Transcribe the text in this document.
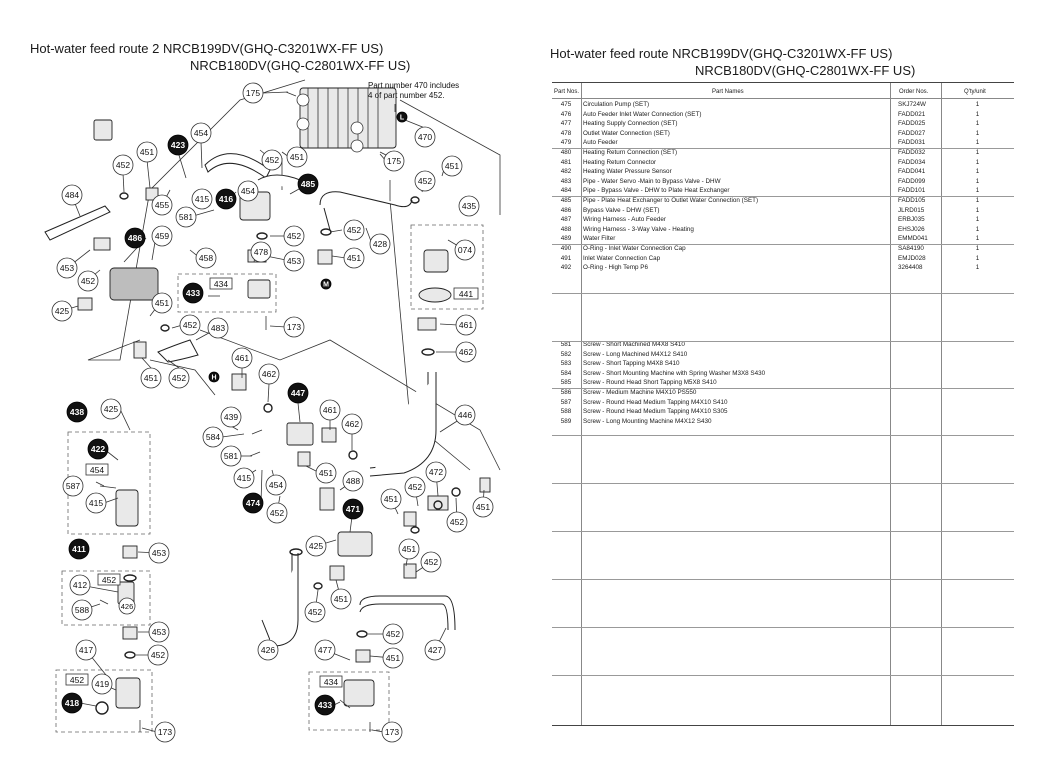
Hot-water feed route 2 NRCB199DV(GHQ-C3201WX-FF US)
NRCB180DV(GHQ-C2801WX-FF US)
Hot-water feed route NRCB199DV(GHQ-C3201WX-FF US)
NRCB180DV(GHQ-C2801WX-FF US)
Part number 470 includes
4 of part number 452.
L
M
H
434
441
454
452
452	434
175
470
175
454
451
452	452 451
484
455
415
454
581
459
458
478
452
453
452
451
435
452
428
451
074
453
452
425
451
452 483	173	461
462
451 452
461
462
425
439
584
461
462
446
587
415
581
415	451
488
472
454
452
451
452
452
451
453
425	451
452
412
588	426
452
451
453
452	426
452
427
477
451
417
419
173	173
423
416
485
486
433
447
438
422
474
471
411
418	433
Part Nos.	Part Names	Order Nos.	Q'ty/unit
475	Circulation Pump (SET)	SKJ724W	1
476	Auto Feeder Inlet Water Connection (SET)	FADD021	1
477	Heating Supply Connection (SET)	FADD025	1
478	Outlet Water Connection (SET)	FADD027	1
479	Auto Feeder	FADD031	1
480	Heating Return Connection (SET)	FADD032	1
481	Heating Return Connector	FADD034	1
482	Heating Water Pressure Sensor	FADD041	1
483	Pipe - Water Servo -Main to Bypass Valve - DHW	FADD099	1
484	Pipe - Bypass Valve - DHW to Plate Heat Exchanger	FADD101	1
485	Pipe - Plate Heat Exchanger to Outlet Water Connection (SET)	FADD105	1
486	Bypass Valve - DHW (SET)	JLRD015	1
487	Wiring Harness - Auto Feeder	ERBJ035	1
488	Wiring Harness - 3-Way Valve - Heating	EHSJ026	1
489	Water Filter	EMMD041	1
490	O-Ring - Inlet Water Connection Cap	SA84190	1
491	Inlet Water Connection Cap	EMJD028	1
492	O-Ring - High Temp P6	3264408	1
581	Screw - Short Machined M4X8 S410
582	Screw - Long Machined M4X12 S410
583	Screw - Short Tapping M4X8 S410
584	Screw - Short Mounting Machine with Spring Washer M3X8 S430
585	Screw - Round Head Short Tapping M5X8 S410
586	Screw - Medium Machine M4X10 PS550
587	Screw - Round Head Medium Tapping M4X10 S410
588	Screw - Round Head Medium Tapping M4X10 S305
589	Screw - Long Mounting Machine M4X12 S430
